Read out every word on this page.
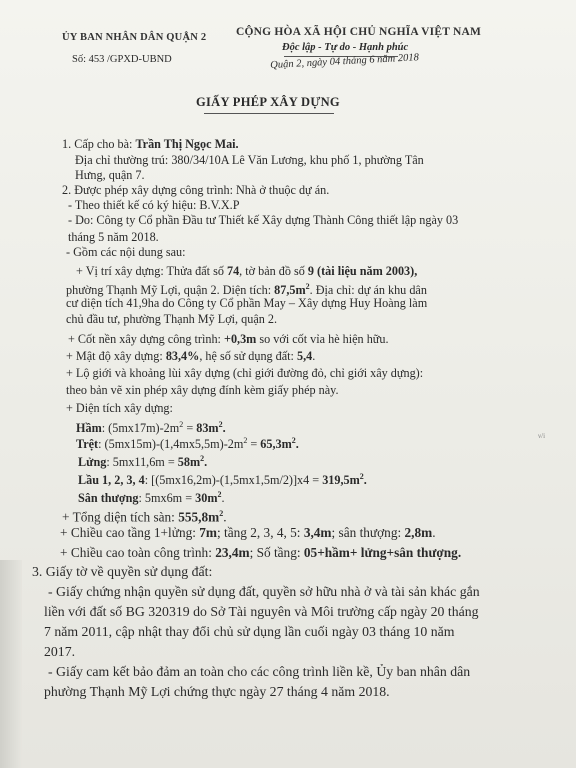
ỦY BAN NHÂN DÂN QUẬN 2
Số: 453 /GPXD-UBND
CỘNG HÒA XÃ HỘI CHỦ NGHĨA VIỆT NAM
Độc lập - Tự do - Hạnh phúc
Quận 2, ngày 04 tháng 6 năm 2018
GIẤY PHÉP XÂY DỰNG
1. Cấp cho bà: Trần Thị Ngọc Mai.
Địa chỉ thường trú: 380/34/10A Lê Văn Lương, khu phố 1, phường Tân
Hưng, quận 7.
2. Được phép xây dựng công trình: Nhà ở thuộc dự án.
- Theo thiết kế có ký hiệu: B.V.X.P
- Do: Công ty Cổ phần Đầu tư Thiết kế Xây dựng Thành Công thiết lập ngày 03
tháng 5 năm 2018.
- Gồm các nội dung sau:
+ Vị trí xây dựng: Thửa đất số 74, tờ bản đồ số 9 (tài liệu năm 2003),
phường Thạnh Mỹ Lợi, quận 2. Diện tích: $87,5m^2$. Địa chỉ: dự án khu dân
cư diện tích 41,9ha do Công ty Cổ phần May – Xây dựng Huy Hoàng làm
chủ đầu tư, phường Thạnh Mỹ Lợi, quận 2.
+ Cốt nền xây dựng công trình: +0,3m so với cốt vỉa hè hiện hữu.
+ Mật độ xây dựng: 83,4%, hệ số sử dụng đất: 5,4.
+ Lộ giới và khoảng lùi xây dựng (chỉ giới đường đỏ, chỉ giới xây dựng):
theo bản vẽ xin phép xây dựng đính kèm giấy phép này.
+ Diện tích xây dựng:
Hầm: $(5mx17m)-2m^2 = 83m^2$.
Trệt: $(5mx15m)-(1,4mx5,5m)-2m^2 = 65,3m^2$.
Lửng: $5mx11,6m = 58m^2$.
Lầu 1, 2, 3, 4: $[(5mx16,2m)-(1,5mx1,5m/2)]x4 = 319,5m^2$.
Sân thượng: $5mx6m = 30m^2$.
+ Tổng diện tích sàn: $555,8m^2$.
+ Chiều cao tầng 1+lửng: 7m; tầng 2, 3, 4, 5: 3,4m; sân thượng: 2,8m.
+ Chiều cao toàn công trình: 23,4m; Số tầng: 05+hầm+ lửng+sân thượng.
3. Giấy tờ về quyền sử dụng đất:
- Giấy chứng nhận quyền sử dụng đất, quyền sở hữu nhà ở và tài sản khác gắn
liền với đất số BG 320319 do Sở Tài nguyên và Môi trường cấp ngày 20 tháng
7 năm 2011, cập nhật thay đổi chủ sử dụng lần cuối ngày 03 tháng 10 năm
2017.
- Giấy cam kết bảo đảm an toàn cho các công trình liền kề, Ủy ban nhân dân
phường Thạnh Mỹ Lợi chứng thực ngày 27 tháng 4 năm 2018.
ν/i
